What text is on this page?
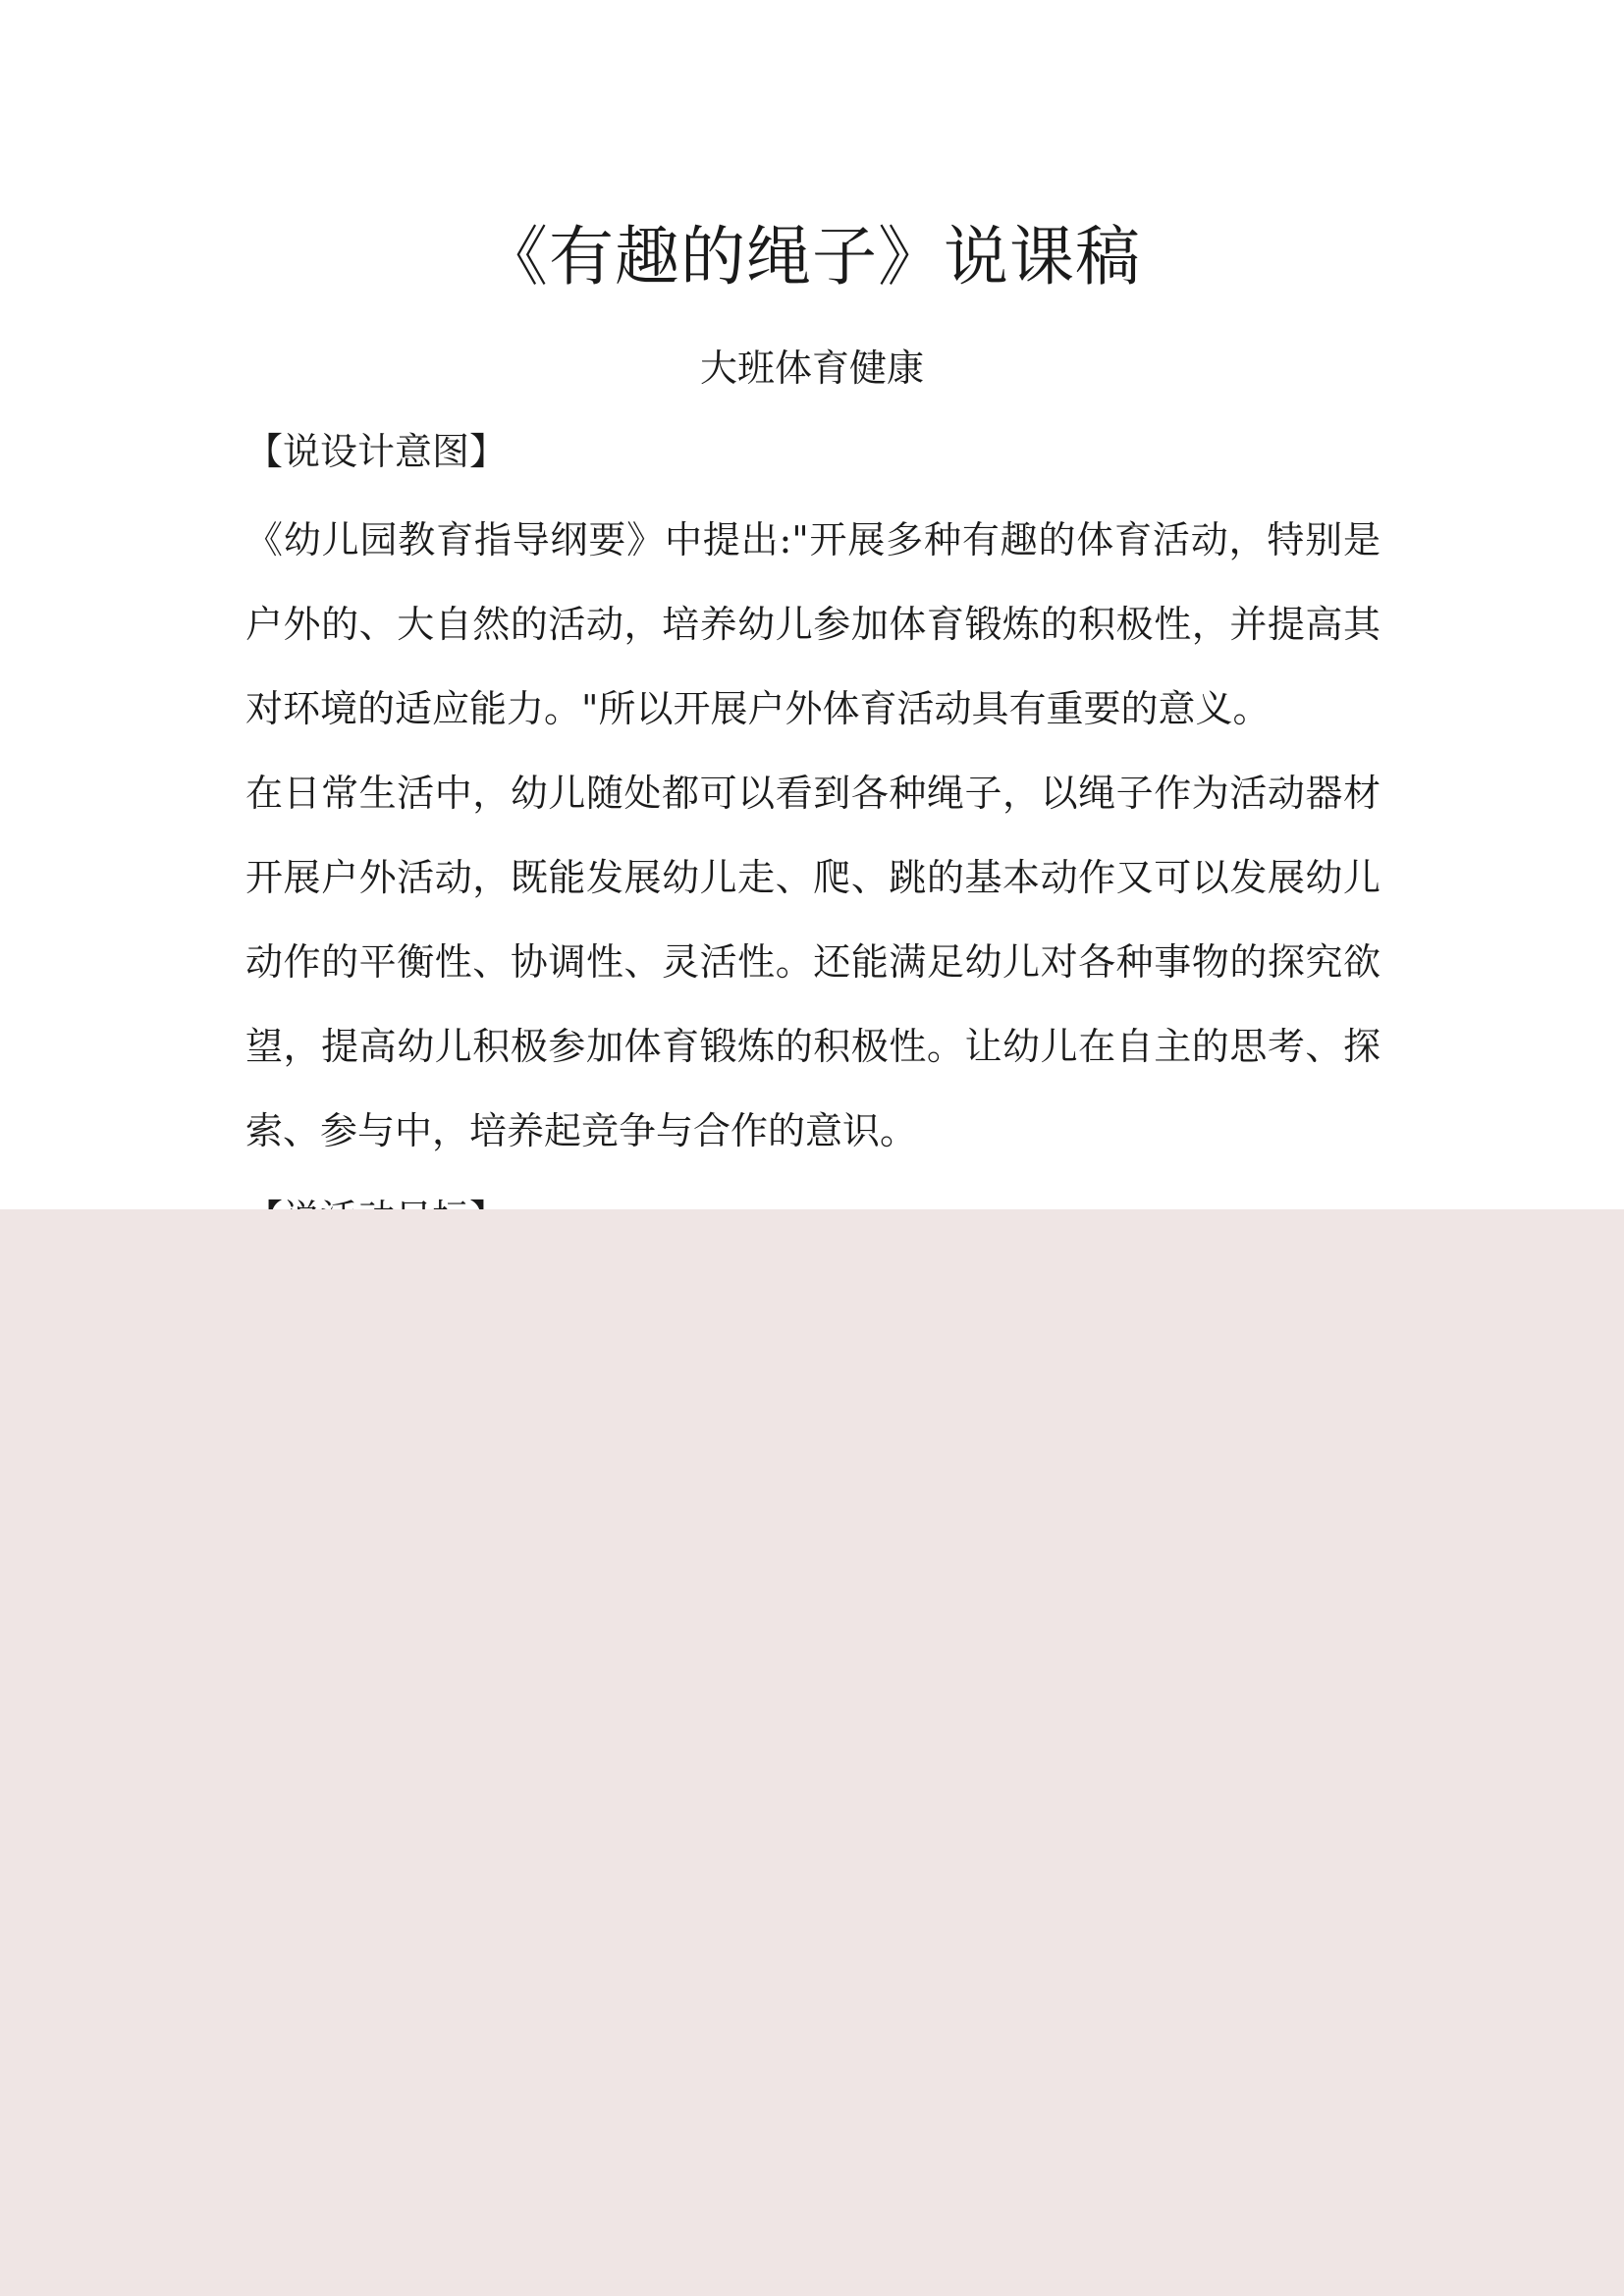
《有趣的绳子》说课稿
大班体育健康
【说设计意图】

《幼儿园教育指导纲要》中提出:"开展多种有趣的体育活动，特别是户外的、大自然的活动，培养幼儿参加体育锻炼的积极性，并提高其对环境的适应能力。"所以开展户外体育活动具有重要的意义。

在日常生活中，幼儿随处都可以看到各种绳子，以绳子作为活动器材开展户外活动，既能发展幼儿走、爬、跳的基本动作又可以发展幼儿动作的平衡性、协调性、灵活性。还能满足幼儿对各种事物的探究欲望，提高幼儿积极参加体育锻炼的积极性。让幼儿在自主的思考、探索、参与中，培养起竞争与合作的意识。
